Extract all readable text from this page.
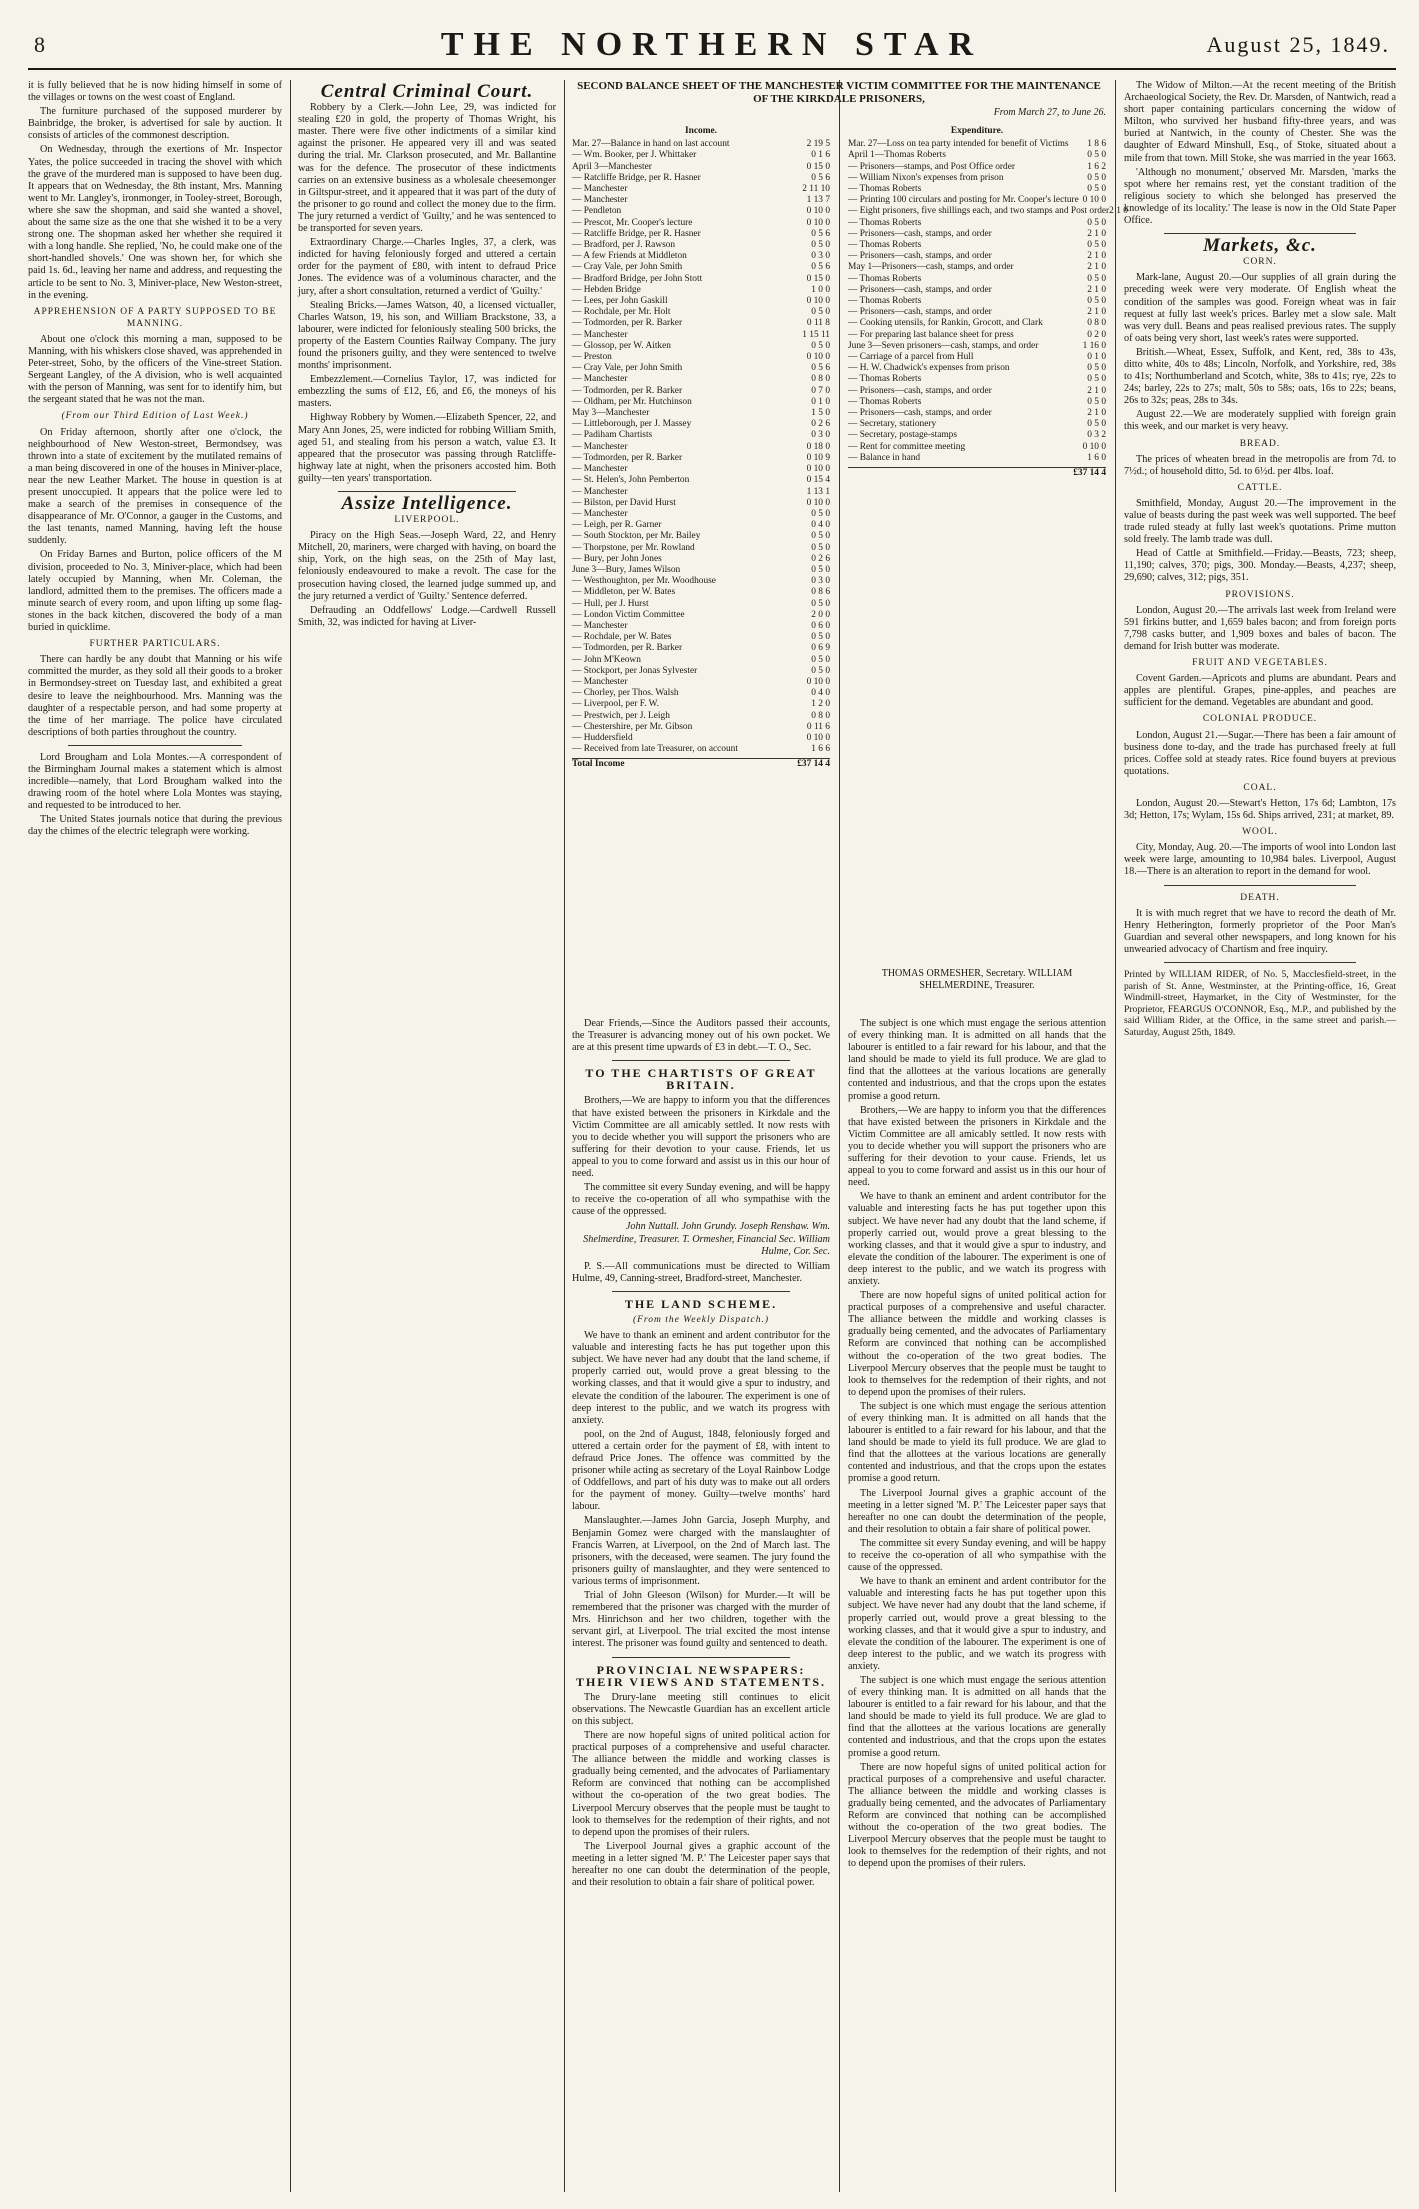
8	THE NORTHERN STAR	August 25, 1849.

it is fully believed that he is now hiding himself in some of the villages or towns on the west coast of England.

The furniture purchased of the supposed murderer by Bainbridge, the broker, is advertised for sale by auction. It consists of articles of the commonest description.

On Wednesday, through the exertions of Mr. Inspector Yates, the police succeeded in tracing the shovel with which the grave of the murdered man is supposed to have been dug. It appears that on Wednesday, the 8th instant, Mrs. Manning went to Mr. Langley's, ironmonger, in Tooley-street, Borough, where she saw the shopman, and said she wanted a shovel, about the same size as the one that she wished it to be a very strong one. The shopman asked her whether she required it with a long handle. She replied, 'No, he could make one of the short-handled shovels.' One was shown her, for which she paid 1s. 6d., leaving her name and address, and requesting the article to be sent to No. 3, Miniver-place, New Weston-street, in the evening.

APPREHENSION OF A PARTY SUPPOSED TO BE MANNING.

About one o'clock this morning a man, supposed to be Manning, with his whiskers close shaved, was apprehended in Peter-street, Soho, by the officers of the Vine-street Station. Sergeant Langley, of the A division, who is well acquainted with the person of Manning, was sent for to identify him, but the sergeant stated that he was not the man.

(From our Third Edition of Last Week.)

On Friday afternoon, shortly after one o'clock, the neighbourhood of New Weston-street, Bermondsey, was thrown into a state of excitement by the mutilated remains of a man being discovered in one of the houses in Miniver-place, near the new Leather Market. The house in question is at present unoccupied. It appears that the police were led to make a search of the premises in consequence of the disappearance of Mr. O'Connor, a gauger in the Customs, and the last tenants, named Manning, having left the house suddenly.

On Friday Barnes and Burton, police officers of the M division, proceeded to No. 3, Miniver-place, which had been lately occupied by Manning, when Mr. Coleman, the landlord, admitted them to the premises. The officers made a minute search of every room, and upon lifting up some flag-stones in the back kitchen, discovered the body of a man buried in quicklime.

FURTHER PARTICULARS.

There can hardly be any doubt that Manning or his wife committed the murder, as they sold all their goods to a broker in Bermondsey-street on Tuesday last, and exhibited a great desire to leave the neighbourhood. Mrs. Manning was the daughter of a respectable person, and had some property at the time of her marriage. The police have circulated descriptions of both parties throughout the country.

Lord Brougham and Lola Montes.—A correspondent of the Birmingham Journal makes a statement which is almost incredible—namely, that Lord Brougham walked into the drawing room of the hotel where Lola Montes was staying, and requested to be introduced to her.

The United States journals notice that during the previous day the chimes of the electric telegraph were working.

Central Criminal Court.

Robbery by a Clerk.—John Lee, 29, was indicted for stealing £20 in gold, the property of Thomas Wright, his master. There were five other indictments of a similar kind against the prisoner. He appeared very ill and was seated during the trial. Mr. Clarkson prosecuted, and Mr. Ballantine was for the defence. The prosecutor of these indictments carries on an extensive business as a wholesale cheesemonger in Giltspur-street, and it appeared that it was part of the duty of the prisoner to go round and collect the money due to the firm. The jury returned a verdict of 'Guilty,' and he was sentenced to be transported for seven years.

Extraordinary Charge.—Charles Ingles, 37, a clerk, was indicted for having feloniously forged and uttered a certain order for the payment of £80, with intent to defraud Price Jones. The evidence was of a voluminous character, and the jury, after a short consultation, returned a verdict of 'Guilty.'

Stealing Bricks.—James Watson, 40, a licensed victualler, Charles Watson, 19, his son, and William Brackstone, 33, a labourer, were indicted for feloniously stealing 500 bricks, the property of the Eastern Counties Railway Company. The jury found the prisoners guilty, and they were sentenced to twelve months' imprisonment.

Embezzlement.—Cornelius Taylor, 17, was indicted for embezzling the sums of £12, £6, and £6, the moneys of his masters.

Highway Robbery by Women.—Elizabeth Spencer, 22, and Mary Ann Jones, 25, were indicted for robbing William Smith, aged 51, and stealing from his person a watch, value £3. It appeared that the prosecutor was passing through Ratcliffe-highway late at night, when the prisoners accosted him. Both guilty—ten years' transportation.

Assize Intelligence.
LIVERPOOL.

Piracy on the High Seas.—Joseph Ward, 22, and Henry Mitchell, 20, mariners, were charged with having, on board the ship, York, on the high seas, on the 25th of May last, feloniously endeavoured to make a revolt. The case for the prosecution having closed, the learned judge summed up, and the jury returned a verdict of 'Guilty.' Sentence deferred.

Defrauding an Oddfellows' Lodge.—Cardwell Russell Smith, 32, was indicted for having at Liver-

SECOND BALANCE SHEET OF THE MANCHESTER VICTIM COMMITTEE FOR THE MAINTENANCE OF THE KIRKDALE PRISONERS,
From March 27, to June 26.
Income.
Mar. 27—Balance in hand on last account	2 19 5
— Wm. Booker, per J. Whittaker	0 1 6
April 3—Manchester	0 15 0
— Ratcliffe Bridge, per R. Hasner	0 5 6
— Manchester	2 11 10
— Manchester	1 13 7
— Pendleton	0 10 0
— Prescot, Mr. Cooper's lecture	0 10 0
— Ratcliffe Bridge, per R. Hasner	0 5 6
— Bradford, per J. Rawson	0 5 0
— A few Friends at Middleton	0 3 0
— Cray Vale, per John Smith	0 5 6
— Bradford Bridge, per John Stott	0 15 0
— Hebden Bridge	1 0 0
— Lees, per John Gaskill	0 10 0
— Rochdale, per Mr. Holt	0 5 0
— Todmorden, per R. Barker	0 11 8
— Manchester	1 15 11
— Glossop, per W. Aitken	0 5 0
— Preston	0 10 0
— Cray Vale, per John Smith	0 5 6
— Manchester	0 8 0
— Todmorden, per R. Barker	0 7 0
— Oldham, per Mr. Hutchinson	0 1 0
May 3—Manchester	1 5 0
— Littleborough, per J. Massey	0 2 6
— Padiham Chartists	0 3 0
— Manchester	0 18 0
— Todmorden, per R. Barker	0 10 9
— Manchester	0 10 0
— St. Helen's, John Pemberton	0 15 4
— Manchester	1 13 1
— Bilston, per David Hurst	0 10 0
— Manchester	0 5 0
— Leigh, per R. Garner	0 4 0
— South Stockton, per Mr. Bailey	0 5 0
— Thorpstone, per Mr. Rowland	0 5 0
— Bury, per John Jones	0 2 6
June 3—Bury, James Wilson	0 5 0
— Westhoughton, per Mr. Woodhouse	0 3 0
— Middleton, per W. Bates	0 8 6
— Hull, per J. Hurst	0 5 0
— London Victim Committee	2 0 0
— Manchester	0 6 0
— Rochdale, per W. Bates	0 5 0
— Todmorden, per R. Barker	0 6 9
— John M'Keown	0 5 0
— Stockport, per Jonas Sylvester	0 5 0
— Manchester	0 10 0
— Chorley, per Thos. Walsh	0 4 0
— Liverpool, per F. W.	1 2 0
— Prestwich, per J. Leigh	0 8 0
— Chestershire, per Mr. Gibson	0 11 6
— Huddersfield	0 10 0
— Received from late Treasurer, on account	1 6 6
Total Income	£37 14 4
Expenditure.
Mar. 27—Loss on tea party intended for benefit of Victims	1 8 6
April 1—Thomas Roberts	0 5 0
— Prisoners—stamps, and Post Office order	1 6 2
— William Nixon's expenses from prison	0 5 0
— Thomas Roberts	0 5 0
— Printing 100 circulars and posting for Mr. Cooper's lecture 0 10 0
— Eight prisoners, five shillings each, and two stamps and Post order 2 1 0
— Thomas Roberts	0 5 0
— Prisoners—cash, stamps, and order	2 1 0
— Thomas Roberts	0 5 0
— Prisoners—cash, stamps, and order	2 1 0
May 1—Prisoners—cash, stamps, and order	2 1 0
— Thomas Roberts	0 5 0
— Prisoners—cash, stamps, and order	2 1 0
— Thomas Roberts	0 5 0
— Prisoners—cash, stamps, and order	2 1 0
— Cooking utensils, for Rankin, Grocott, and Clark	0 8 0
— For preparing last balance sheet for press	0 2 0
June 3—Seven prisoners—cash, stamps, and order	1 16 0
— Carriage of a parcel from Hull	0 1 0
— H. W. Chadwick's expenses from prison	0 5 0
— Thomas Roberts	0 5 0
— Prisoners—cash, stamps, and order	2 1 0
— Thomas Roberts	0 5 0
— Prisoners—cash, stamps, and order	2 1 0
— Secretary, stationery	0 5 0
— Secretary, postage-stamps	0 3 2
— Rent for committee meeting	0 10 0
— Balance in hand	1 6 0
£37 14 4
THOMAS ORMESHER, Secretary. WILLIAM SHELMERDINE, Treasurer.

Dear Friends,—Since the Auditors passed their accounts, the Treasurer is advancing money out of his own pocket. We are at this present time upwards of £3 in debt.—T. O., Sec.

TO THE CHARTISTS OF GREAT BRITAIN.

Brothers,—We are happy to inform you that the differences that have existed between the prisoners in Kirkdale and the Victim Committee are all amicably settled. It now rests with you to decide whether you will support the prisoners who are suffering for their devotion to your cause. Friends, let us appeal to you to come forward and assist us in this our hour of need.

The committee sit every Sunday evening, and will be happy to receive the co-operation of all who sympathise with the cause of the oppressed.

John Nuttall. John Grundy. Joseph Renshaw. Wm. Shelmerdine, Treasurer. T. Ormesher, Financial Sec. William Hulme, Cor. Sec.

P. S.—All communications must be directed to William Hulme, 49, Canning-street, Bradford-street, Manchester.

THE LAND SCHEME.
(From the Weekly Dispatch.)

We have to thank an eminent and ardent contributor for the valuable and interesting facts he has put together upon this subject. We have never had any doubt that the land scheme, if properly carried out, would prove a great blessing to the working classes, and that it would give a spur to industry, and elevate the condition of the labourer. The experiment is one of deep interest to the public, and we watch its progress with anxiety.

pool, on the 2nd of August, 1848, feloniously forged and uttered a certain order for the payment of £8, with intent to defraud Price Jones. The offence was committed by the prisoner while acting as secretary of the Loyal Rainbow Lodge of Oddfellows, and part of his duty was to make out all orders for the payment of money. Guilty—twelve months' hard labour.

Manslaughter.—James John Garcia, Joseph Murphy, and Benjamin Gomez were charged with the manslaughter of Francis Warren, at Liverpool, on the 2nd of March last. The prisoners, with the deceased, were seamen. The jury found the prisoners guilty of manslaughter, and they were sentenced to various terms of imprisonment.

Trial of John Gleeson (Wilson) for Murder.—It will be remembered that the prisoner was charged with the murder of Mrs. Hinrichson and her two children, together with the servant girl, at Liverpool. The trial excited the most intense interest. The prisoner was found guilty and sentenced to death.

PROVINCIAL NEWSPAPERS: THEIR VIEWS AND STATEMENTS.

The Drury-lane meeting still continues to elicit observations. The Newcastle Guardian has an excellent article on this subject.

There are now hopeful signs of united political action for practical purposes of a comprehensive and useful character. The alliance between the middle and working classes is gradually being cemented, and the advocates of Parliamentary Reform are convinced that nothing can be accomplished without the co-operation of the two great bodies. The Liverpool Mercury observes that the people must be taught to look to themselves for the redemption of their rights, and not to depend upon the promises of their rulers.

The Liverpool Journal gives a graphic account of the meeting in a letter signed 'M. P.' The Leicester paper says that hereafter no one can doubt the determination of the people, and their resolution to obtain a fair share of political power.

The subject is one which must engage the serious attention of every thinking man. It is admitted on all hands that the labourer is entitled to a fair reward for his labour, and that the land should be made to yield its full produce. We are glad to find that the allottees at the various locations are generally contented and industrious, and that the crops upon the estates promise a good return.

Brothers,—We are happy to inform you that the differences that have existed between the prisoners in Kirkdale and the Victim Committee are all amicably settled. It now rests with you to decide whether you will support the prisoners who are suffering for their devotion to your cause. Friends, let us appeal to you to come forward and assist us in this our hour of need.

We have to thank an eminent and ardent contributor for the valuable and interesting facts he has put together upon this subject. We have never had any doubt that the land scheme, if properly carried out, would prove a great blessing to the working classes, and that it would give a spur to industry, and elevate the condition of the labourer. The experiment is one of deep interest to the public, and we watch its progress with anxiety.

There are now hopeful signs of united political action for practical purposes of a comprehensive and useful character. The alliance between the middle and working classes is gradually being cemented, and the advocates of Parliamentary Reform are convinced that nothing can be accomplished without the co-operation of the two great bodies. The Liverpool Mercury observes that the people must be taught to look to themselves for the redemption of their rights, and not to depend upon the promises of their rulers.

The subject is one which must engage the serious attention of every thinking man. It is admitted on all hands that the labourer is entitled to a fair reward for his labour, and that the land should be made to yield its full produce. We are glad to find that the allottees at the various locations are generally contented and industrious, and that the crops upon the estates promise a good return.

The Liverpool Journal gives a graphic account of the meeting in a letter signed 'M. P.' The Leicester paper says that hereafter no one can doubt the determination of the people, and their resolution to obtain a fair share of political power.

The committee sit every Sunday evening, and will be happy to receive the co-operation of all who sympathise with the cause of the oppressed.

We have to thank an eminent and ardent contributor for the valuable and interesting facts he has put together upon this subject. We have never had any doubt that the land scheme, if properly carried out, would prove a great blessing to the working classes, and that it would give a spur to industry, and elevate the condition of the labourer. The experiment is one of deep interest to the public, and we watch its progress with anxiety.

The subject is one which must engage the serious attention of every thinking man. It is admitted on all hands that the labourer is entitled to a fair reward for his labour, and that the land should be made to yield its full produce. We are glad to find that the allottees at the various locations are generally contented and industrious, and that the crops upon the estates promise a good return.

There are now hopeful signs of united political action for practical purposes of a comprehensive and useful character. The alliance between the middle and working classes is gradually being cemented, and the advocates of Parliamentary Reform are convinced that nothing can be accomplished without the co-operation of the two great bodies. The Liverpool Mercury observes that the people must be taught to look to themselves for the redemption of their rights, and not to depend upon the promises of their rulers.

The Widow of Milton.—At the recent meeting of the British Archaeological Society, the Rev. Dr. Marsden, of Nantwich, read a short paper containing particulars concerning the widow of Milton, who survived her husband fifty-three years, and was buried at Nantwich, in the county of Chester. She was the daughter of Edward Minshull, Esq., of Stoke, situated about a mile from that town. Mill Stoke, she was married in the year 1663.

'Although no monument,' observed Mr. Marsden, 'marks the spot where her remains rest, yet the constant tradition of the religious society to which she belonged has preserved the knowledge of its locality.' The lease is now in the Old State Paper Office.

Markets, &c.
CORN.

Mark-lane, August 20.—Our supplies of all grain during the preceding week were very moderate. Of English wheat the condition of the samples was good. Foreign wheat was in fair request at fully last week's prices. Barley met a slow sale. Malt was very dull. Beans and peas realised previous rates. The supply of oats being very short, last week's rates were supported.

British.—Wheat, Essex, Suffolk, and Kent, red, 38s to 43s, ditto white, 40s to 48s; Lincoln, Norfolk, and Yorkshire, red, 38s to 41s; Northumberland and Scotch, white, 38s to 41s; rye, 22s to 24s; barley, 22s to 27s; malt, 50s to 58s; oats, 16s to 22s; beans, 26s to 32s; peas, 28s to 34s.

August 22.—We are moderately supplied with foreign grain this week, and our market is very heavy.

BREAD.

The prices of wheaten bread in the metropolis are from 7d. to 7½d.; of household ditto, 5d. to 6½d. per 4lbs. loaf.

CATTLE.

Smithfield, Monday, August 20.—The improvement in the value of beasts during the past week was well supported. The beef trade ruled steady at fully last week's quotations. Prime mutton sold freely. The lamb trade was dull.

Head of Cattle at Smithfield.—Friday.—Beasts, 723; sheep, 11,190; calves, 370; pigs, 300. Monday.—Beasts, 4,237; sheep, 29,690; calves, 312; pigs, 351.

PROVISIONS.

London, August 20.—The arrivals last week from Ireland were 591 firkins butter, and 1,659 bales bacon; and from foreign ports 7,798 casks butter, and 1,909 boxes and bales of bacon. The demand for Irish butter was moderate.

FRUIT AND VEGETABLES.

Covent Garden.—Apricots and plums are abundant. Pears and apples are plentiful. Grapes, pine-apples, and peaches are sufficient for the demand. Vegetables are abundant and good.

COLONIAL PRODUCE.

London, August 21.—Sugar.—There has been a fair amount of business done to-day, and the trade has purchased freely at full prices. Coffee sold at steady rates. Rice found buyers at previous quotations.

COAL.

London, August 20.—Stewart's Hetton, 17s 6d; Lambton, 17s 3d; Hetton, 17s; Wylam, 15s 6d. Ships arrived, 231; at market, 89.

WOOL.

City, Monday, Aug. 20.—The imports of wool into London last week were large, amounting to 10,984 bales. Liverpool, August 18.—There is an alteration to report in the demand for wool.

DEATH.

It is with much regret that we have to record the death of Mr. Henry Hetherington, formerly proprietor of the Poor Man's Guardian and several other newspapers, and long known for his unwearied advocacy of Chartism and free inquiry.

Printed by WILLIAM RIDER, of No. 5, Macclesfield-street, in the parish of St. Anne, Westminster, at the Printing-office, 16, Great Windmill-street, Haymarket, in the City of Westminster, for the Proprietor, FEARGUS O'CONNOR, Esq., M.P., and published by the said William Rider, at the Office, in the same street and parish.—Saturday, August 25th, 1849.
